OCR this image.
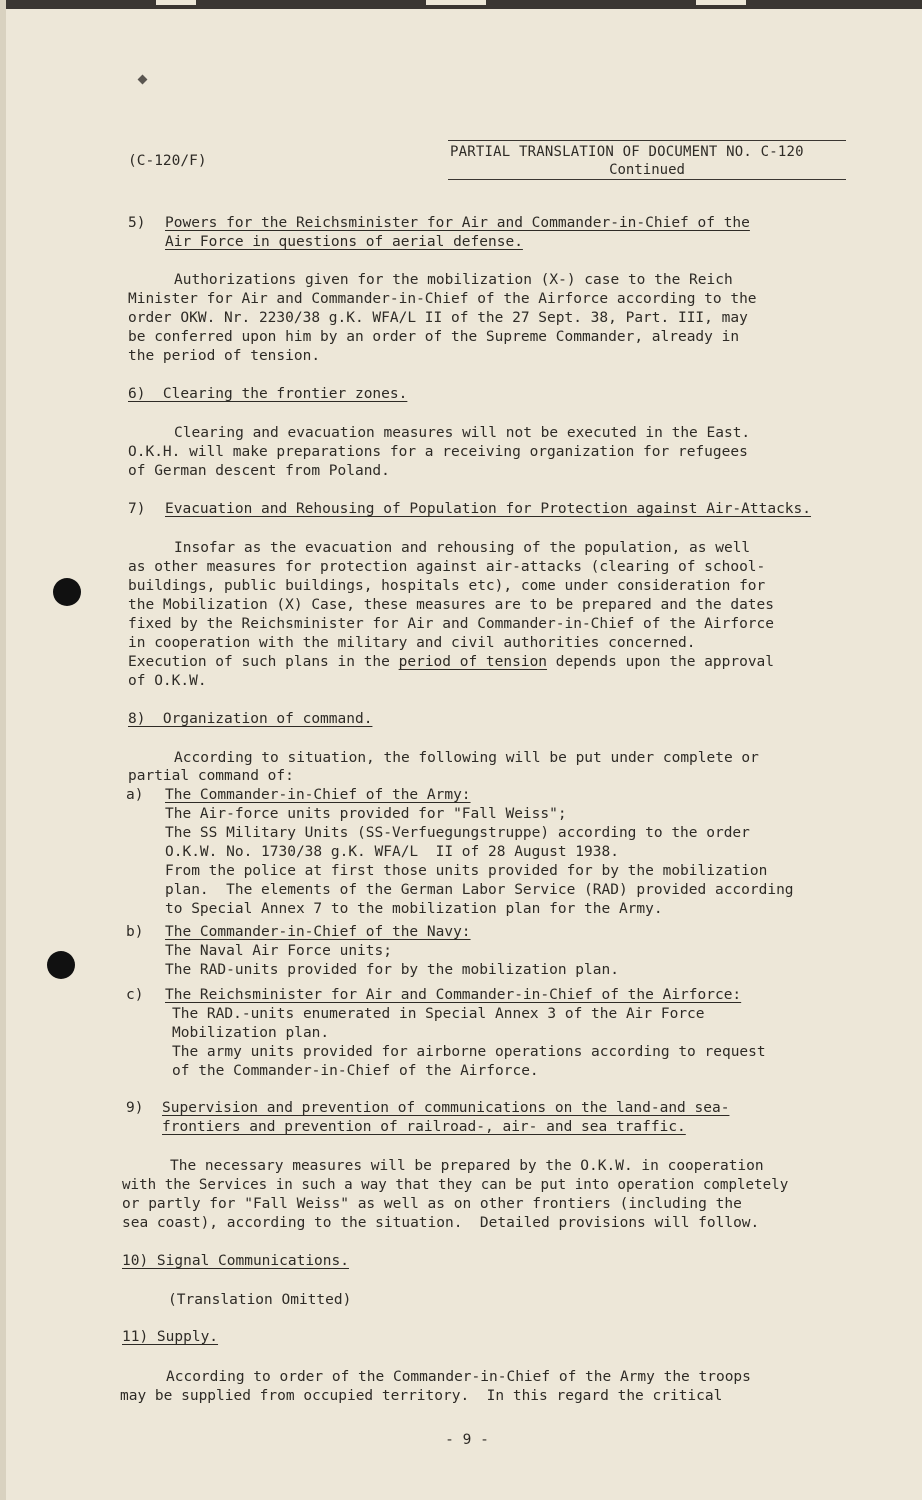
(C-120/F)
PARTIAL TRANSLATION OF DOCUMENT NO. C-120
Continued
5) Powers for the Reichsminister for Air and Commander-in-Chief of the
Air Force in questions of aerial defense.
Authorizations given for the mobilization (X-) case to the Reich
Minister for Air and Commander-in-Chief of the Airforce according to the
order OKW. Nr. 2230/38 g.K. WFA/L II of the 27 Sept. 38, Part. III, may
be conferred upon him by an order of the Supreme Commander, already in
the period of tension.
6)  Clearing the frontier zones.
Clearing and evacuation measures will not be executed in the East.
O.K.H. will make preparations for a receiving organization for refugees
of German descent from Poland.
7) Evacuation and Rehousing of Population for Protection against Air-Attacks.
Insofar as the evacuation and rehousing of the population, as well
as other measures for protection against air-attacks (clearing of school-
buildings, public buildings, hospitals etc), come under consideration for
the Mobilization (X) Case, these measures are to be prepared and the dates
fixed by the Reichsminister for Air and Commander-in-Chief of the Airforce
in cooperation with the military and civil authorities concerned.
Execution of such plans in the period of tension depends upon the approval
of O.K.W.
8)  Organization of command.
According to situation, the following will be put under complete or
partial command of:
a) The Commander-in-Chief of the Army:
The Air-force units provided for "Fall Weiss";
The SS Military Units (SS-Verfuegungstruppe) according to the order
O.K.W. No. 1730/38 g.K. WFA/L  II of 28 August 1938.
From the police at first those units provided for by the mobilization
plan.  The elements of the German Labor Service (RAD) provided according
to Special Annex 7 to the mobilization plan for the Army.
b) The Commander-in-Chief of the Navy:
The Naval Air Force units;
The RAD-units provided for by the mobilization plan.
c) The Reichsminister for Air and Commander-in-Chief of the Airforce:
The RAD.-units enumerated in Special Annex 3 of the Air Force
Mobilization plan.
The army units provided for airborne operations according to request
of the Commander-in-Chief of the Airforce.
9) Supervision and prevention of communications on the land-and sea-
frontiers and prevention of railroad-, air- and sea traffic.
The necessary measures will be prepared by the O.K.W. in cooperation
with the Services in such a way that they can be put into operation completely
or partly for "Fall Weiss" as well as on other frontiers (including the
sea coast), according to the situation.  Detailed provisions will follow.
10) Signal Communications.
(Translation Omitted)
11) Supply.
According to order of the Commander-in-Chief of the Army the troops
may be supplied from occupied territory.  In this regard the critical
- 9 -
